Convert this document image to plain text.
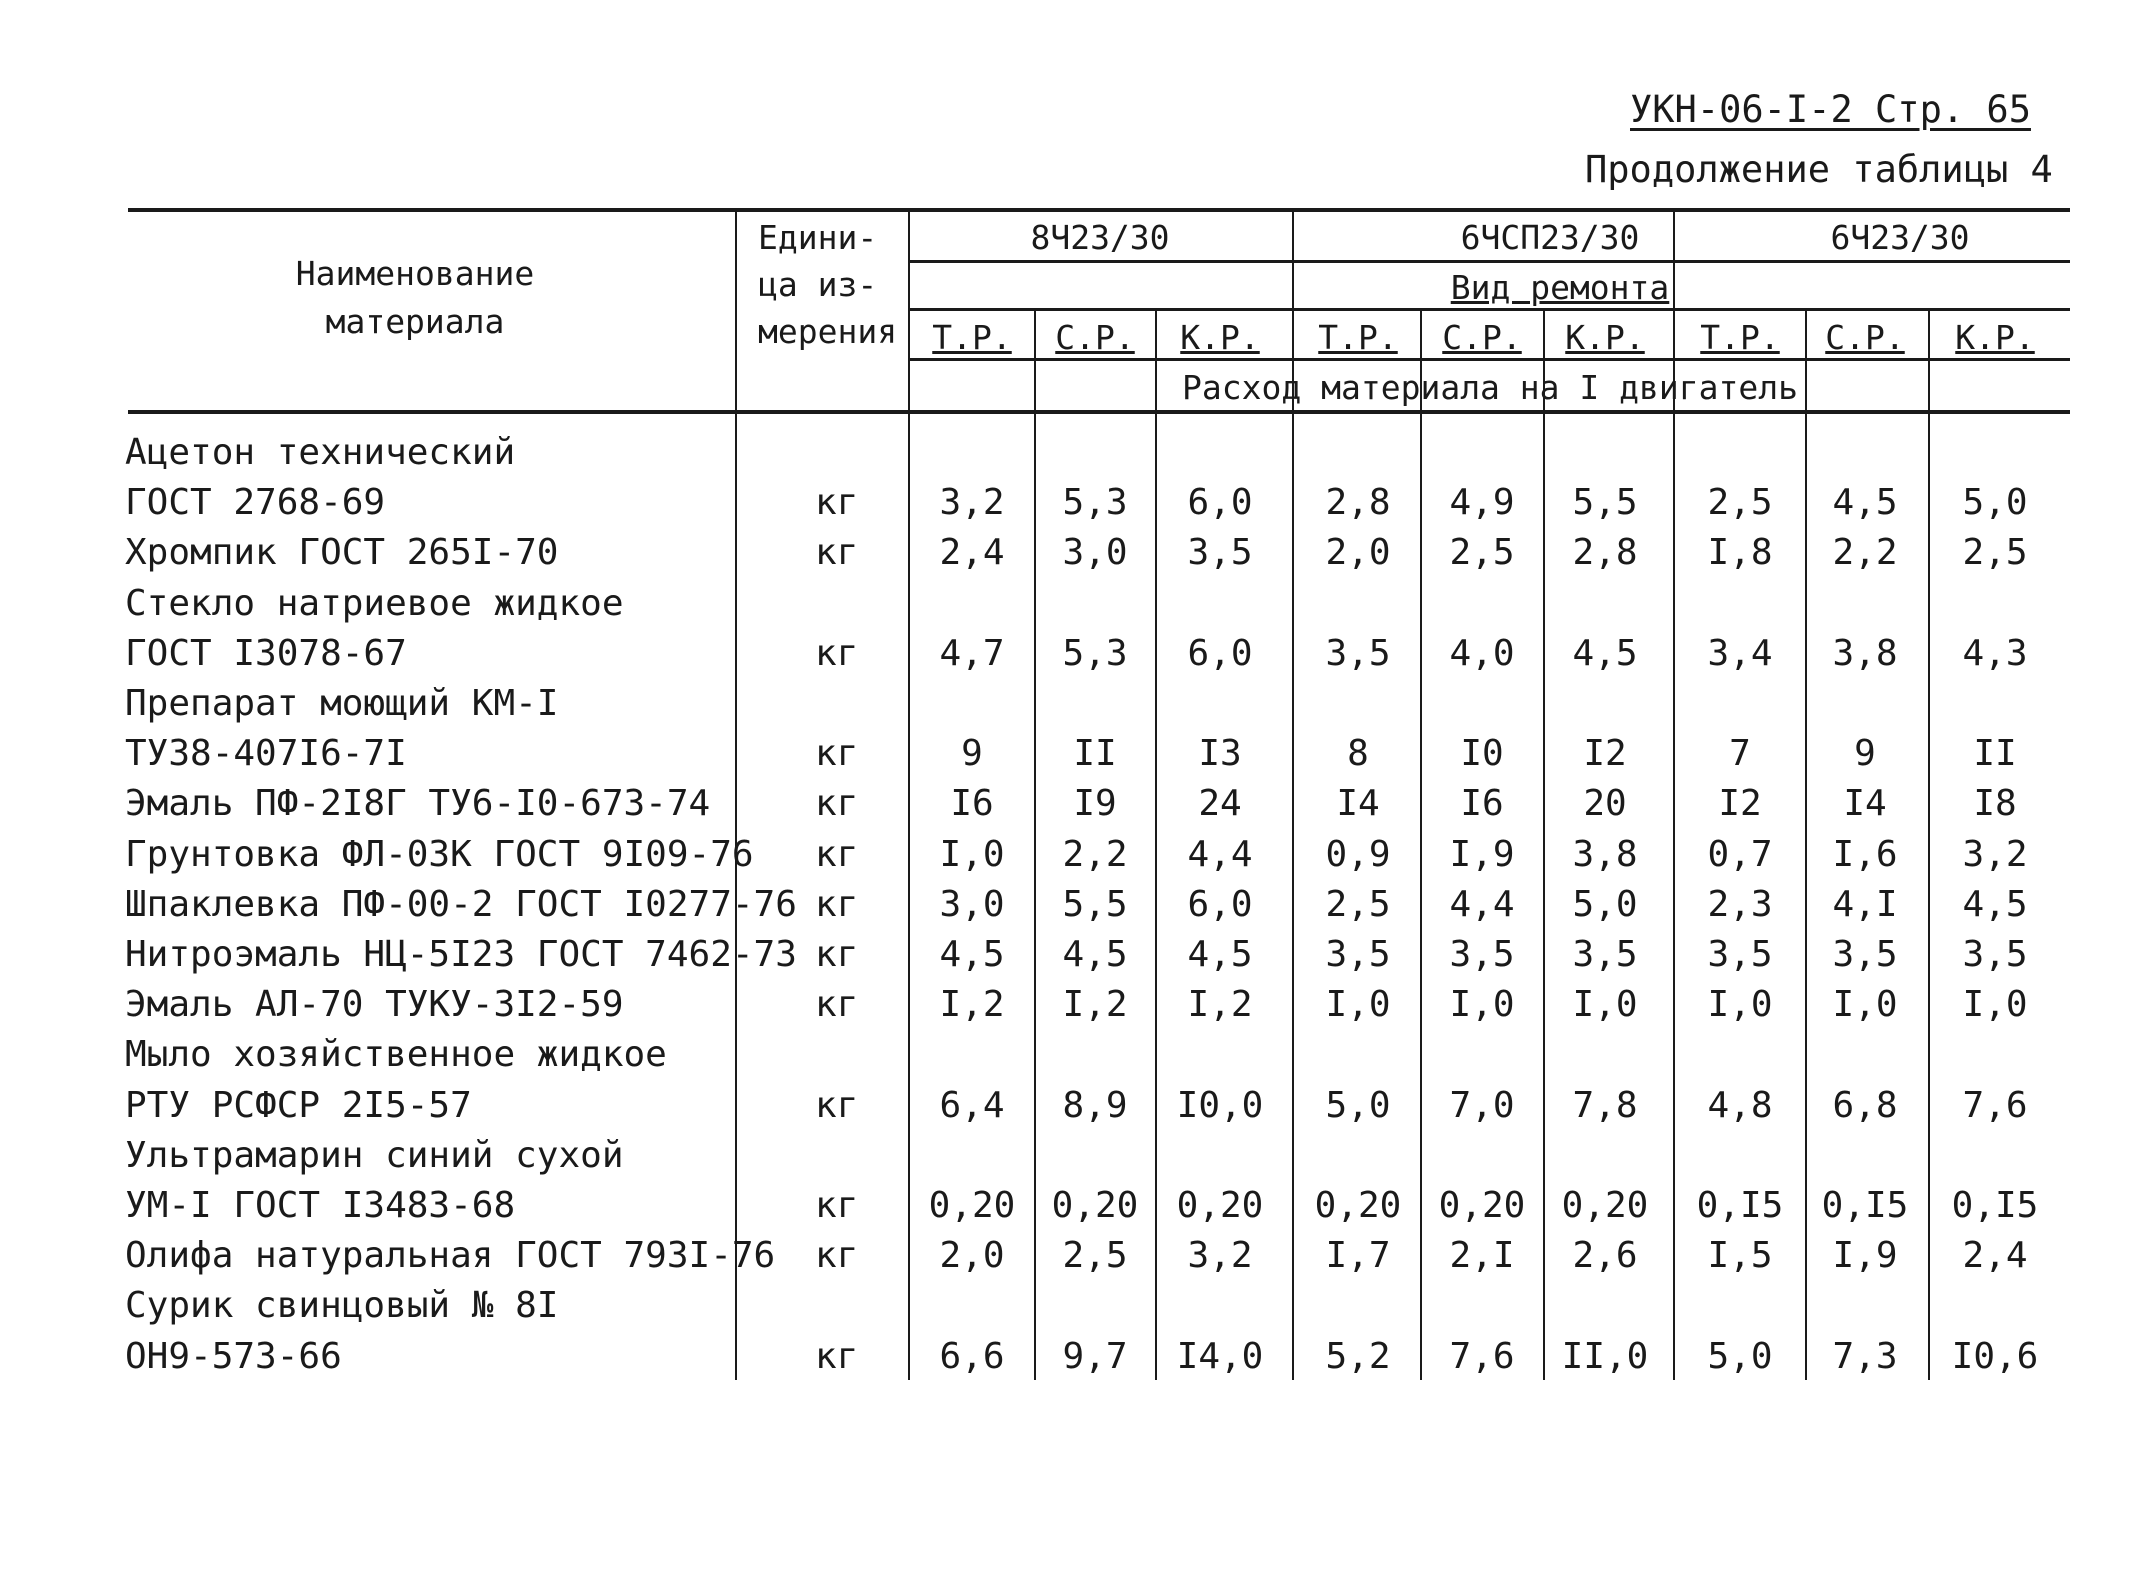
УКН-06-I-2 Стр. 65
Продолжение таблицы 4
Наименование
материала
Едини-
ца из-
мерения
8Ч23/30	6ЧСП23/30	6Ч23/30
Вид ремонта
Т.Р. С.Р. К.Р. Т.Р. С.Р. К.Р. Т.Р. С.Р. К.Р.
Расход материала на I двигатель
Ацетон технический
ГОСТ 2768-69	кг 3,2 5,3 6,0 2,8 4,9 5,5 2,5 4,5 5,0
Хромпик ГОСТ 265I-70	кг 2,4 3,0 3,5 2,0 2,5 2,8 I,8 2,2 2,5
Стекло натриевое жидкое
ГОСТ I3078-67	кг 4,7 5,3 6,0 3,5 4,0 4,5 3,4 3,8 4,3
Препарат моющий КМ-I
ТУ38-407I6-7I	кг	9	II I3	8	I0 I2	7	9	II
Эмаль ПФ-2I8Г ТУ6-I0-673-74	кг	I6 I9 24	I4 I6 20	I2 I4 I8
Грунтовка ФЛ-03К ГОСТ 9I09-76 кг I,0 2,2 4,4 0,9 I,9 3,8 0,7 I,6 3,2
Шпаклевка ПФ-00-2 ГОСТ I0277-76 кг 3,0 5,5 6,0 2,5 4,4 5,0 2,3 4,I 4,5
Нитроэмаль НЦ-5I23 ГОСТ 7462-73 кг 4,5 4,5 4,5 3,5 3,5 3,5 3,5 3,5 3,5
Эмаль АЛ-70 ТУКУ-3I2-59	кг I,2 I,2 I,2 I,0 I,0 I,0 I,0 I,0 I,0
Мыло хозяйственное жидкое
РТУ РСФСР 2I5-57	кг 6,4 8,9 I0,0 5,0 7,0 7,8 4,8 6,8 7,6
Ультрамарин синий сухой
УМ-I ГОСТ I3483-68	кг 0,20 0,20 0,20 0,20 0,20 0,20 0,I5 0,I5 0,I5
Олифа натуральная ГОСТ 793I-76 кг 2,0 2,5 3,2 I,7 2,I 2,6 I,5 I,9 2,4
Сурик свинцовый № 8I
ОН9-573-66	кг 6,6 9,7 I4,0 5,2 7,6 II,0 5,0 7,3 I0,6
